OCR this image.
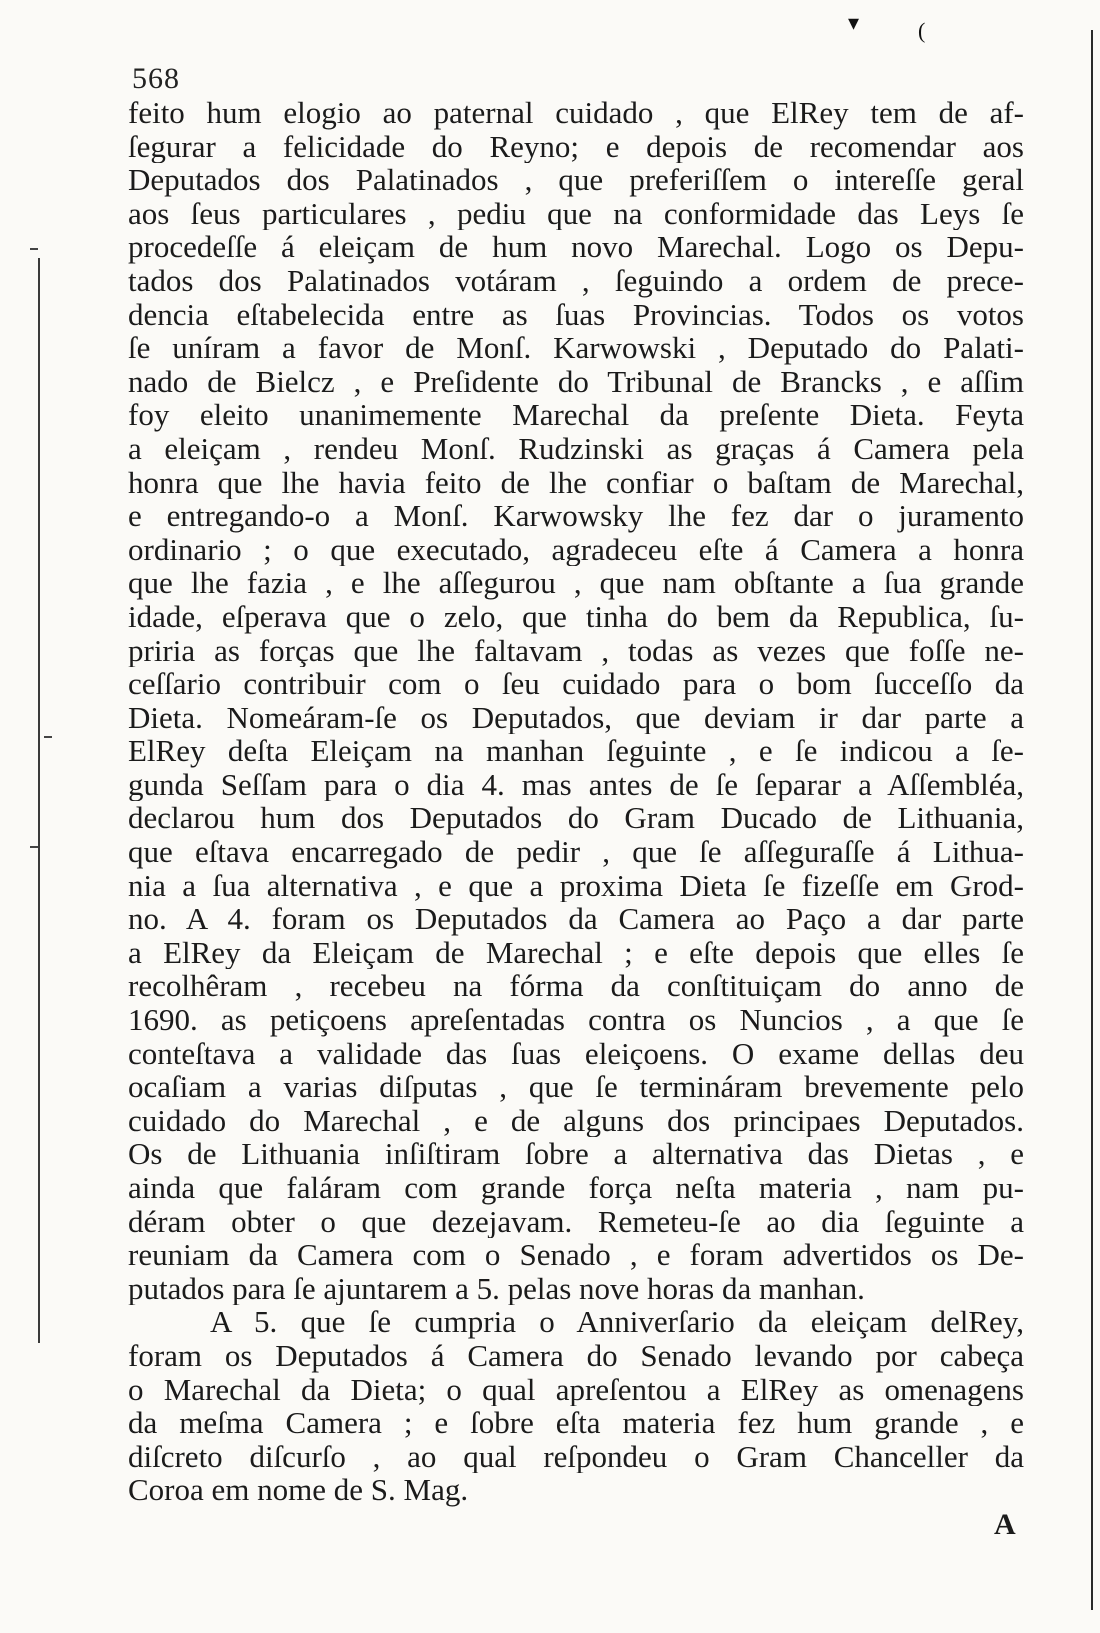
▾	(
568
feito hum elogio ao paternal cuidado , que ElRey tem de af-
ſegurar a felicidade do Reyno; e depois de recomendar aos
Deputados dos Palatinados , que preferiſſem o intereſſe geral
aos ſeus particulares , pediu que na conformidade das Leys ſe
procedeſſe á eleiçam de hum novo Marechal. Logo os Depu-
tados dos Palatinados votáram , ſeguindo a ordem de prece-
dencia eſtabelecida entre as ſuas Provincias. Todos os votos
ſe uníram a favor de Monſ. Karwowski , Deputado do Palati-
nado de Bielcz , e Preſidente do Tribunal de Brancks , e aſſim
foy eleito unanimemente Marechal da preſente Dieta. Feyta
a eleiçam , rendeu Monſ. Rudzinski as graças á Camera pela
honra que lhe havia feito de lhe confiar o baſtam de Marechal,
e entregando-o a Monſ. Karwowsky lhe fez dar o juramento
ordinario ; o que executado, agradeceu eſte á Camera a honra
que lhe fazia , e lhe aſſegurou , que nam obſtante a ſua grande
idade, eſperava que o zelo, que tinha do bem da Republica, ſu-
priria as forças que lhe faltavam , todas as vezes que foſſe ne-
ceſſario contribuir com o ſeu cuidado para o bom ſucceſſo da
Dieta. Nomeáram-ſe os Deputados, que deviam ir dar parte a
ElRey deſta Eleiçam na manhan ſeguinte , e ſe indicou a ſe-
gunda Seſſam para o dia 4. mas antes de ſe ſeparar a Aſſembléa,
declarou hum dos Deputados do Gram Ducado de Lithuania,
que eſtava encarregado de pedir , que ſe aſſeguraſſe á Lithua-
nia a ſua alternativa , e que a proxima Dieta ſe fizeſſe em Grod-
no. A 4. foram os Deputados da Camera ao Paço a dar parte
a ElRey da Eleiçam de Marechal ; e eſte depois que elles ſe
recolhêram , recebeu na fórma da conſtituiçam do anno de
1690. as petiçoens apreſentadas contra os Nuncios , a que ſe
conteſtava a validade das ſuas eleiçoens. O exame dellas deu
ocaſiam a varias diſputas , que ſe termináram brevemente pelo
cuidado do Marechal , e de alguns dos principaes Deputados.
Os de Lithuania inſiſtiram ſobre a alternativa das Dietas , e
ainda que faláram com grande força neſta materia , nam pu-
déram obter o que dezejavam. Remeteu-ſe ao dia ſeguinte a
reuniam da Camera com o Senado , e foram advertidos os De-
putados para ſe ajuntarem a 5. pelas nove horas da manhan.
A 5. que ſe cumpria o Anniverſario da eleiçam delRey,
foram os Deputados á Camera do Senado levando por cabeça
o Marechal da Dieta; o qual apreſentou a ElRey as omenagens
da meſma Camera ; e ſobre eſta materia fez hum grande , e
diſcreto diſcurſo , ao qual reſpondeu o Gram Chanceller da
Coroa em nome de S. Mag.
A
